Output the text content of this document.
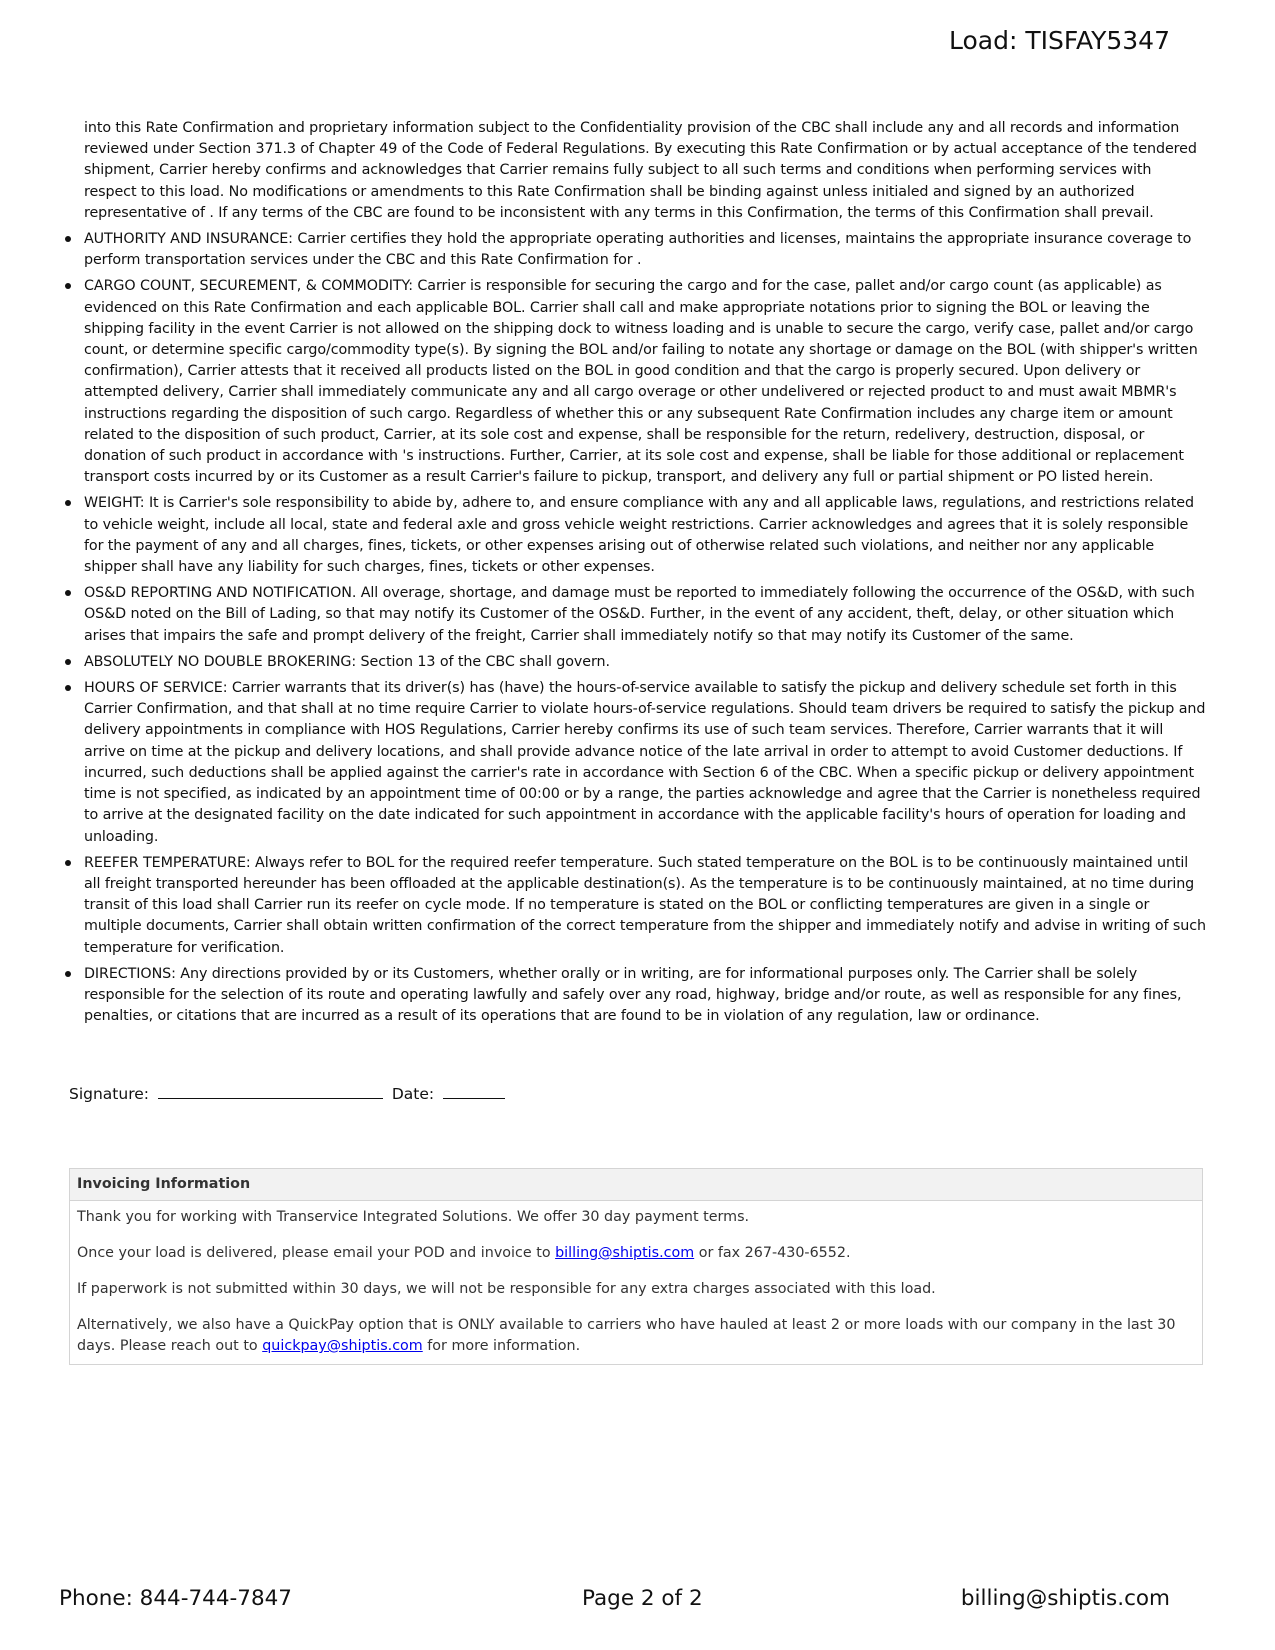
Load: TISFAY5347

into this Rate Confirmation and proprietary information subject to the Confidentiality provision of the CBC shall include any and all records and information reviewed under Section 371.3 of Chapter 49 of the Code of Federal Regulations. By executing this Rate Confirmation or by actual acceptance of the tendered shipment, Carrier hereby confirms and acknowledges that Carrier remains fully subject to all such terms and conditions when performing services with respect to this load. No modifications or amendments to this Rate Confirmation shall be binding against unless initialed and signed by an authorized representative of . If any terms of the CBC are found to be inconsistent with any terms in this Confirmation, the terms of this Confirmation shall prevail.

AUTHORITY AND INSURANCE: Carrier certifies they hold the appropriate operating authorities and licenses, maintains the appropriate insurance coverage to perform transportation services under the CBC and this Rate Confirmation for .
CARGO COUNT, SECUREMENT, & COMMODITY: Carrier is responsible for securing the cargo and for the case, pallet and/or cargo count (as applicable) as evidenced on this Rate Confirmation and each applicable BOL. Carrier shall call and make appropriate notations prior to signing the BOL or leaving the shipping facility in the event Carrier is not allowed on the shipping dock to witness loading and is unable to secure the cargo, verify case, pallet and/or cargo count, or determine specific cargo/commodity type(s). By signing the BOL and/or failing to notate any shortage or damage on the BOL (with shipper's written confirmation), Carrier attests that it received all products listed on the BOL in good condition and that the cargo is properly secured. Upon delivery or attempted delivery, Carrier shall immediately communicate any and all cargo overage or other undelivered or rejected product to and must await MBMR's instructions regarding the disposition of such cargo. Regardless of whether this or any subsequent Rate Confirmation includes any charge item or amount related to the disposition of such product, Carrier, at its sole cost and expense, shall be responsible for the return, redelivery, destruction, disposal, or donation of such product in accordance with 's instructions. Further, Carrier, at its sole cost and expense, shall be liable for those additional or replacement transport costs incurred by or its Customer as a result Carrier's failure to pickup, transport, and delivery any full or partial shipment or PO listed herein.
WEIGHT: It is Carrier's sole responsibility to abide by, adhere to, and ensure compliance with any and all applicable laws, regulations, and restrictions related to vehicle weight, include all local, state and federal axle and gross vehicle weight restrictions. Carrier acknowledges and agrees that it is solely responsible for the payment of any and all charges, fines, tickets, or other expenses arising out of otherwise related such violations, and neither nor any applicable shipper shall have any liability for such charges, fines, tickets or other expenses.
OS&D REPORTING AND NOTIFICATION. All overage, shortage, and damage must be reported to immediately following the occurrence of the OS&D, with such OS&D noted on the Bill of Lading, so that may notify its Customer of the OS&D. Further, in the event of any accident, theft, delay, or other situation which arises that impairs the safe and prompt delivery of the freight, Carrier shall immediately notify so that may notify its Customer of the same.
ABSOLUTELY NO DOUBLE BROKERING: Section 13 of the CBC shall govern.
HOURS OF SERVICE: Carrier warrants that its driver(s) has (have) the hours-of-service available to satisfy the pickup and delivery schedule set forth in this Carrier Confirmation, and that shall at no time require Carrier to violate hours-of-service regulations. Should team drivers be required to satisfy the pickup and delivery appointments in compliance with HOS Regulations, Carrier hereby confirms its use of such team services. Therefore, Carrier warrants that it will arrive on time at the pickup and delivery locations, and shall provide advance notice of the late arrival in order to attempt to avoid Customer deductions. If incurred, such deductions shall be applied against the carrier's rate in accordance with Section 6 of the CBC. When a specific pickup or delivery appointment time is not specified, as indicated by an appointment time of 00:00 or by a range, the parties acknowledge and agree that the Carrier is nonetheless required to arrive at the designated facility on the date indicated for such appointment in accordance with the applicable facility's hours of operation for loading and unloading.
REEFER TEMPERATURE: Always refer to BOL for the required reefer temperature. Such stated temperature on the BOL is to be continuously maintained until all freight transported hereunder has been offloaded at the applicable destination(s). As the temperature is to be continuously maintained, at no time during transit of this load shall Carrier run its reefer on cycle mode. If no temperature is stated on the BOL or conflicting temperatures are given in a single or multiple documents, Carrier shall obtain written confirmation of the correct temperature from the shipper and immediately notify and advise in writing of such temperature for verification.
DIRECTIONS: Any directions provided by or its Customers, whether orally or in writing, are for informational purposes only. The Carrier shall be solely responsible for the selection of its route and operating lawfully and safely over any road, highway, bridge and/or route, as well as responsible for any fines, penalties, or citations that are incurred as a result of its operations that are found to be in violation of any regulation, law or ordinance.
Signature:	Date:
Invoicing Information

Thank you for working with Transervice Integrated Solutions. We offer 30 day payment terms.

Once your load is delivered, please email your POD and invoice to billing@shiptis.com or fax 267-430-6552.

If paperwork is not submitted within 30 days, we will not be responsible for any extra charges associated with this load.

Alternatively, we also have a QuickPay option that is ONLY available to carriers who have hauled at least 2 or more loads with our company in the last 30 days. Please reach out to quickpay@shiptis.com for more information.

Phone: 844-744-7847	Page 2 of 2	billing@shiptis.com
